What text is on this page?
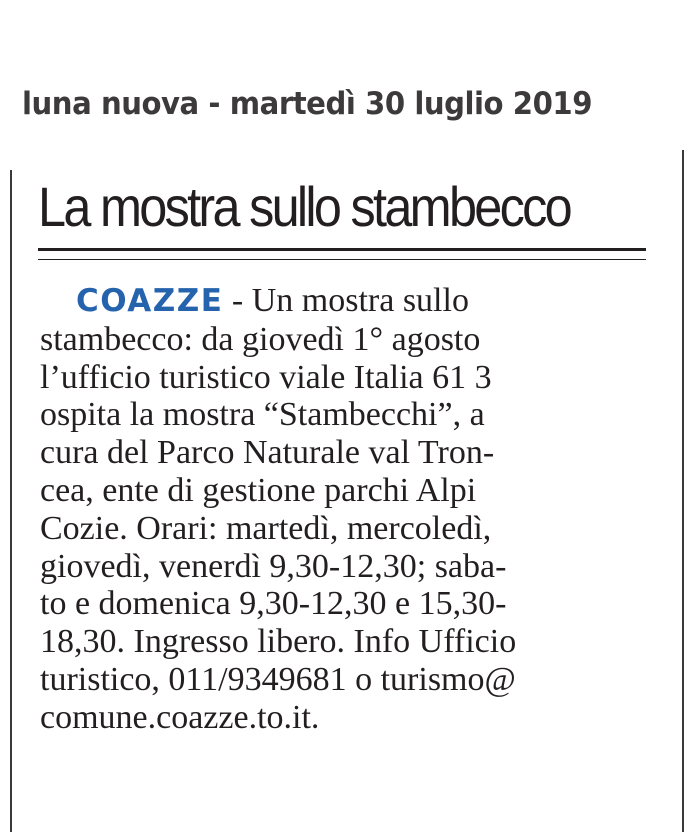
luna nuova - martedì 30 luglio 2019
La mostra sullo stambecco
COAZZE - Un mostra sullo
stambecco: da giovedì 1° agosto
l’ufficio turistico viale Italia 61 3
ospita la mostra “Stambecchi”, a
cura del Parco Naturale val Tron-
cea, ente di gestione parchi Alpi
Cozie. Orari: martedì, mercoledì,
giovedì, venerdì 9,30-12,30; saba-
to e domenica 9,30-12,30 e 15,30-
18,30. Ingresso libero. Info Ufficio
turistico, 011/9349681 o turismo@
comune.coazze.to.it.
